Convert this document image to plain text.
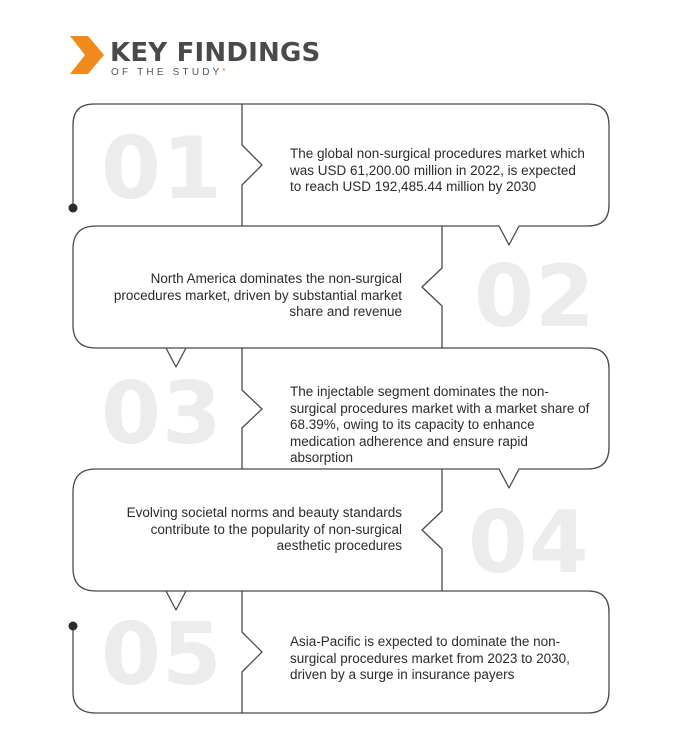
KEY FINDINGS
OF THE STUDY‘
01	The global non-surgical procedures market which was USD 61,200.00 million in 2022, is expected to reach USD 192,485.44 million by 2030
02
North America dominates the non-surgical procedures market, driven by substantial market share and revenue
03	The injectable segment dominates the non-surgical procedures market with a market share of 68.39%, owing to its capacity to enhance medication adherence and ensure rapid absorption
04
Evolving societal norms and beauty standards contribute to the popularity of non-surgical aesthetic procedures
05	Asia-Pacific is expected to dominate the non-surgical procedures market from 2023 to 2030, driven by a surge in insurance payers
